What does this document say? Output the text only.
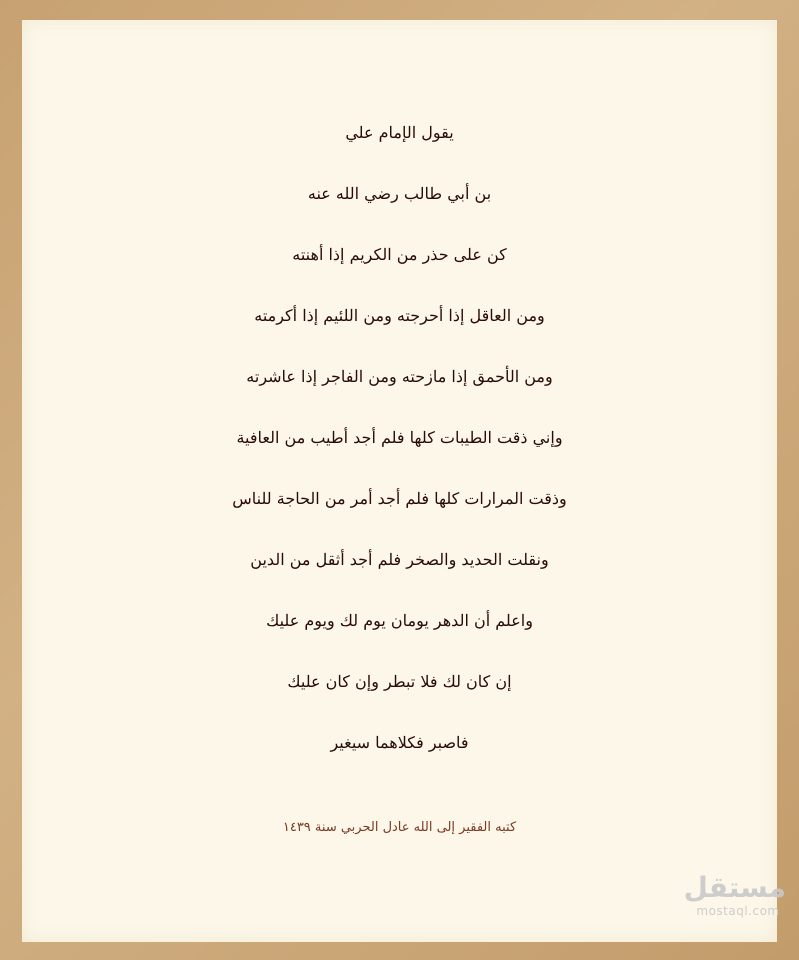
يقول الإمام علي
بن أبي طالب رضي الله عنه
كن على حذر من الكريم إذا أهنته
ومن العاقل إذا أحرجته ومن اللئيم إذا أكرمته
ومن الأحمق إذا مازحته ومن الفاجر إذا عاشرته
وإني ذقت الطيبات كلها فلم أجد أطيب من العافية
وذقت المرارات كلها فلم أجد أمر من الحاجة للناس
ونقلت الحديد والصخر فلم أجد أثقل من الدين
واعلم أن الدهر يومان يوم لك ويوم عليك
إن كان لك فلا تبطر وإن كان عليك
فاصبر فكلاهما سيغير
كتبه الفقير إلى الله عادل الحربي سنة ١٤٣٩
مستقل
mostaql.com
